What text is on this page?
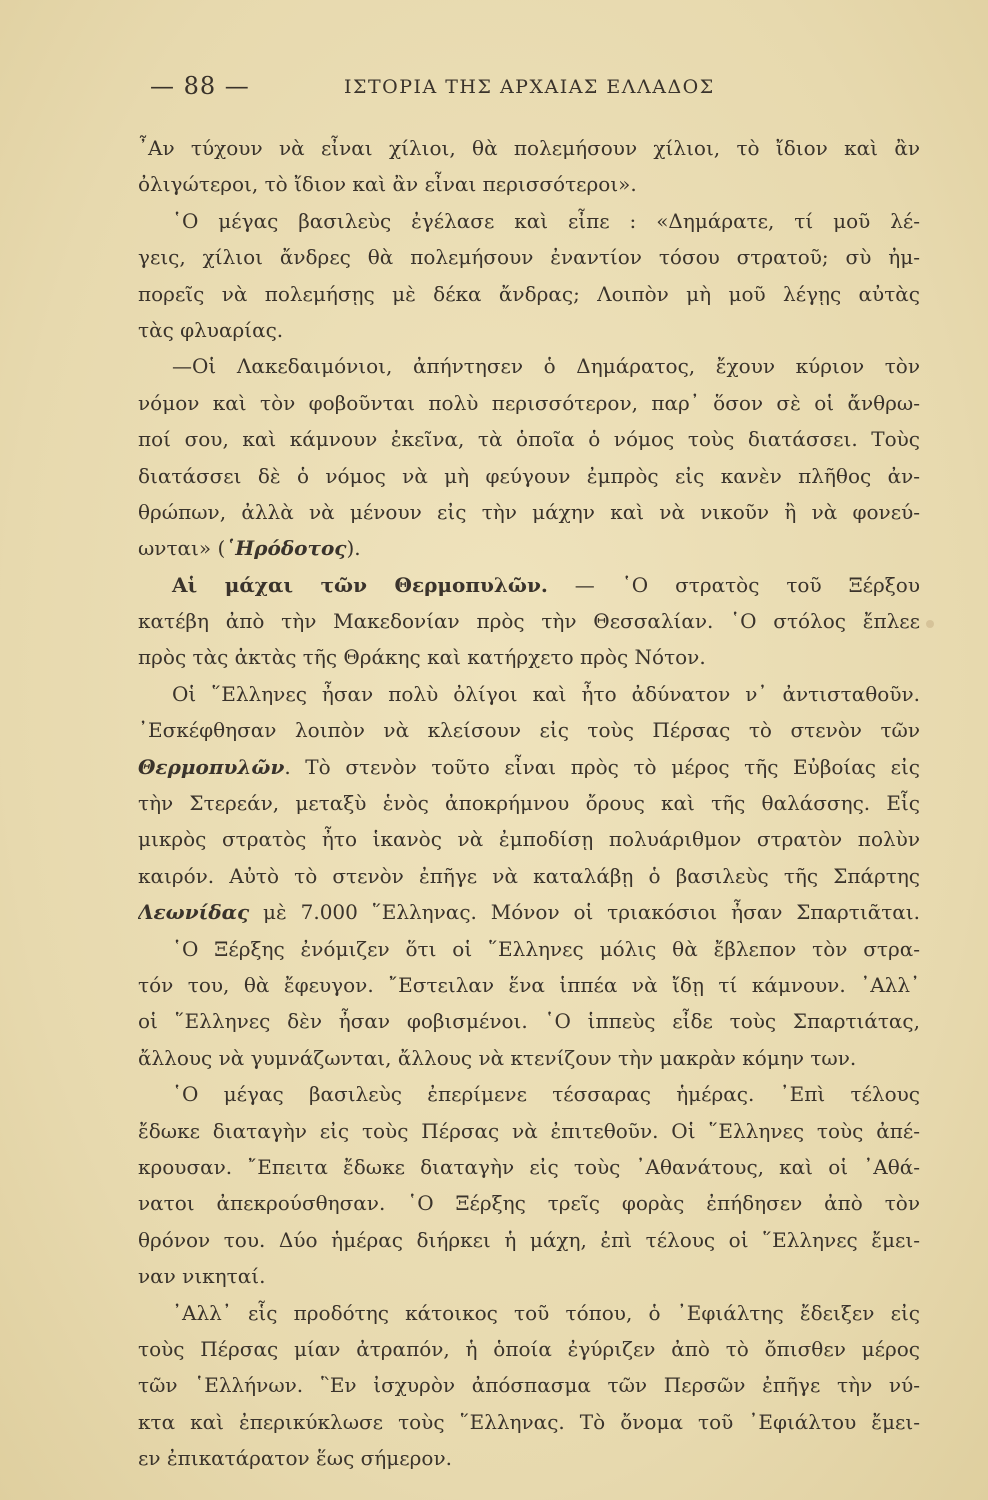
— 88 —	ΙΣΤΟΡΙΑ ΤΗΣ ΑΡΧΑΙΑΣ ΕΛΛΑΔΟΣ
῏Αν τύχουν νὰ εἶναι χίλιοι, θὰ πολεμήσουν χίλιοι, τὸ ἴδιον καὶ ἂν
ὀλιγώτεροι, τὸ ἴδιον καὶ ἂν εἶναι περισσότεροι».
῾Ο μέγας βασιλεὺς ἐγέλασε καὶ εἶπε : «Δημάρατε, τί μοῦ λέ-
γεις, χίλιοι ἄνδρες θὰ πολεμήσουν ἐναντίον τόσου στρατοῦ; σὺ ἠμ-
πορεῖς νὰ πολεμήσῃς μὲ δέκα ἄνδρας; Λοιπὸν μὴ μοῦ λέγῃς αὐτὰς
τὰς φλυαρίας.
—Οἱ Λακεδαιμόνιοι, ἀπήντησεν ὁ Δημάρατος, ἔχουν κύριον τὸν
νόμον καὶ τὸν φοβοῦνται πολὺ περισσότερον, παρ᾽ ὅσον σὲ οἱ ἄνθρω-
ποί σου, καὶ κάμνουν ἐκεῖνα, τὰ ὁποῖα ὁ νόμος τοὺς διατάσσει. Τοὺς
διατάσσει δὲ ὁ νόμος νὰ μὴ φεύγουν ἐμπρὸς εἰς κανὲν πλῆθος ἀν-
θρώπων, ἀλλὰ νὰ μένουν εἰς τὴν μάχην καὶ νὰ νικοῦν ἢ νὰ φονεύ-
ωνται» (῾Ηρόδοτος).
Αἱ μάχαι τῶν Θερμοπυλῶν. — ῾Ο στρατὸς τοῦ Ξέρξου
κατέβη ἀπὸ τὴν Μακεδονίαν πρὸς τὴν Θεσσαλίαν. ῾Ο στόλος ἔπλεε
πρὸς τὰς ἀκτὰς τῆς Θράκης καὶ κατήρχετο πρὸς Νότον.
Οἱ ῞Ελληνες ἦσαν πολὺ ὀλίγοι καὶ ἦτο ἀδύνατον ν᾽ ἀντισταθοῦν.
᾽Εσκέφθησαν λοιπὸν νὰ κλείσουν εἰς τοὺς Πέρσας τὸ στενὸν τῶν
Θερμοπυλῶν. Τὸ στενὸν τοῦτο εἶναι πρὸς τὸ μέρος τῆς Εὐβοίας εἰς
τὴν Στερεάν, μεταξὺ ἑνὸς ἀποκρήμνου ὄρους καὶ τῆς θαλάσσης. Εἷς
μικρὸς στρατὸς ἦτο ἱκανὸς νὰ ἐμποδίσῃ πολυάριθμον στρατὸν πολὺν
καιρόν. Αὐτὸ τὸ στενὸν ἐπῆγε νὰ καταλάβῃ ὁ βασιλεὺς τῆς Σπάρτης
Λεωνίδας μὲ 7.000 ῞Ελληνας. Μόνον οἱ τριακόσιοι ἦσαν Σπαρτιᾶται.
῾Ο Ξέρξης ἐνόμιζεν ὅτι οἱ ῞Ελληνες μόλις θὰ ἔβλεπον τὸν στρα-
τόν του, θὰ ἔφευγον. ῎Εστειλαν ἕνα ἱππέα νὰ ἴδῃ τί κάμνουν. ᾽Αλλ᾽
οἱ ῞Ελληνες δὲν ἦσαν φοβισμένοι. ῾Ο ἱππεὺς εἶδε τοὺς Σπαρτιάτας,
ἄλλους νὰ γυμνάζωνται, ἄλλους νὰ κτενίζουν τὴν μακρὰν κόμην των.
῾Ο μέγας βασιλεὺς ἐπερίμενε τέσσαρας ἡμέρας. ᾽Επὶ τέλους
ἔδωκε διαταγὴν εἰς τοὺς Πέρσας νὰ ἐπιτεθοῦν. Οἱ ῞Ελληνες τοὺς ἀπέ-
κρουσαν. ῎Επειτα ἔδωκε διαταγὴν εἰς τοὺς ᾽Αθανάτους, καὶ οἱ ᾽Αθά-
νατοι ἀπεκρούσθησαν. ῾Ο Ξέρξης τρεῖς φορὰς ἐπήδησεν ἀπὸ τὸν
θρόνον του. Δύο ἡμέρας διήρκει ἡ μάχη, ἐπὶ τέλους οἱ ῞Ελληνες ἔμει-
ναν νικηταί.
᾽Αλλ᾽ εἷς προδότης κάτοικος τοῦ τόπου, ὁ ᾽Εφιάλτης ἔδειξεν εἰς
τοὺς Πέρσας μίαν ἀτραπόν, ἡ ὁποία ἐγύριζεν ἀπὸ τὸ ὄπισθεν μέρος
τῶν ῾Ελλήνων. ῝Εν ἰσχυρὸν ἀπόσπασμα τῶν Περσῶν ἐπῆγε τὴν νύ-
κτα καὶ ἐπερικύκλωσε τοὺς ῞Ελληνας. Τὸ ὄνομα τοῦ ᾽Εφιάλτου ἔμει-
εν ἐπικατάρατον ἕως σήμερον.
